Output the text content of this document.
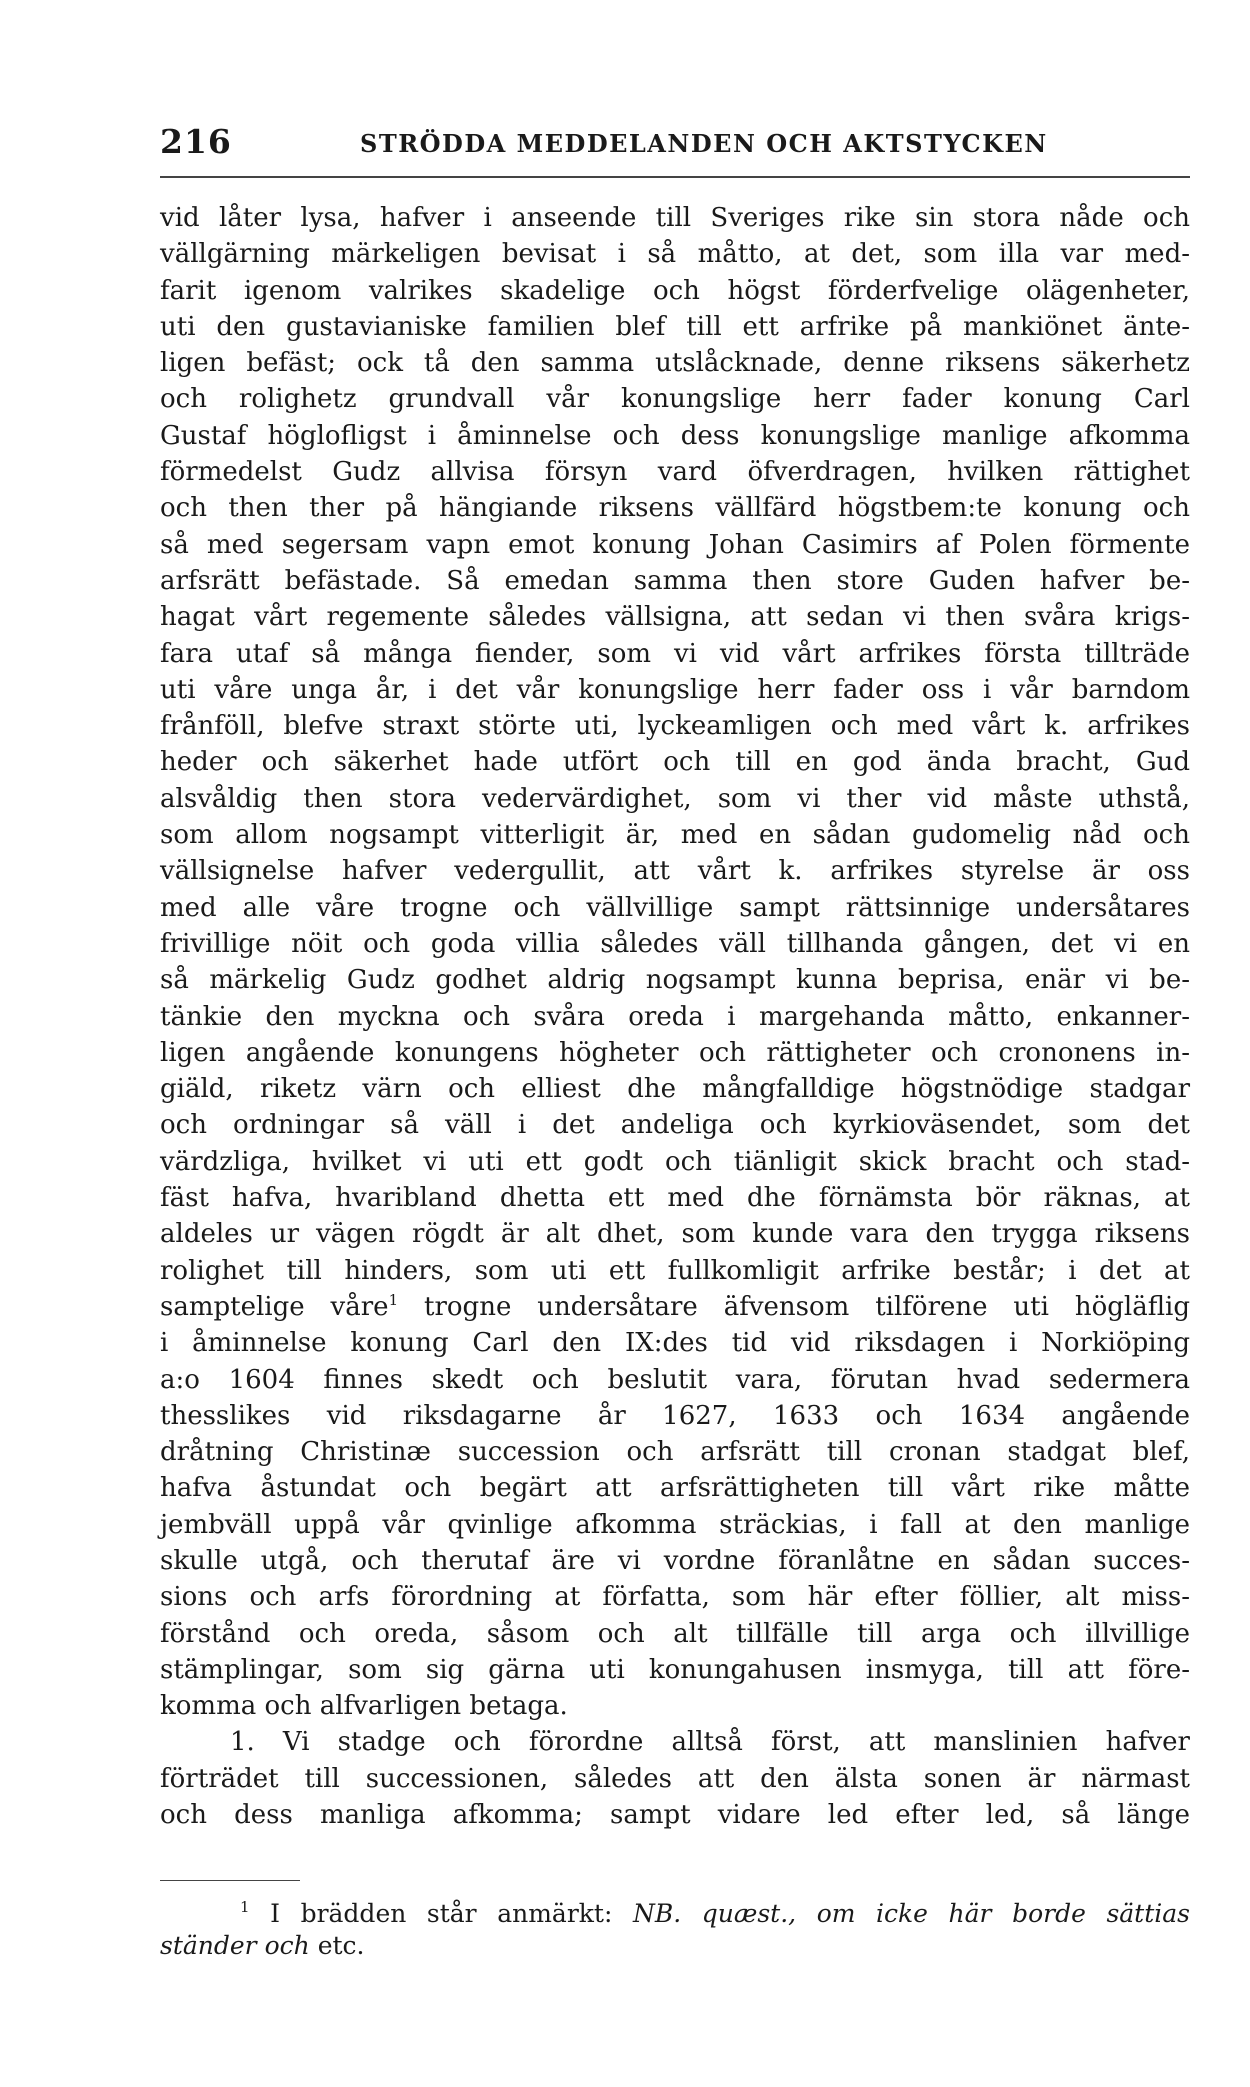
216	STRÖDDA MEDDELANDEN OCH AKTSTYCKEN
vid låter lysa, hafver i anseende till Sveriges rike sin stora nåde och
vällgärning märkeligen bevisat i så måtto, at det, som illa var med-
farit igenom valrikes skadelige och högst förderfvelige olägenheter,
uti den gustavianiske familien blef till ett arfrike på mankiönet änte-
ligen befäst; ock tå den samma utslåcknade, denne riksens säkerhetz
och rolighetz grundvall vår konungslige herr fader konung Carl
Gustaf höglofligst i åminnelse och dess konungslige manlige afkomma
förmedelst Gudz allvisa försyn vard öfverdragen, hvilken rättighet
och then ther på hängiande riksens vällfärd högstbem:te konung och
så med segersam vapn emot konung Johan Casimirs af Polen förmente
arfsrätt befästade. Så emedan samma then store Guden hafver be-
hagat vårt regemente således vällsigna, att sedan vi then svåra krigs-
fara utaf så många fiender, som vi vid vårt arfrikes första tillträde
uti våre unga år, i det vår konungslige herr fader oss i vår barndom
frånföll, blefve straxt störte uti, lyckeamligen och med vårt k. arfrikes
heder och säkerhet hade utfört och till en god ända bracht, Gud
alsvåldig then stora vedervärdighet, som vi ther vid måste uthstå,
som allom nogsampt vitterligit är, med en sådan gudomelig nåd och
vällsignelse hafver vedergullit, att vårt k. arfrikes styrelse är oss
med alle våre trogne och vällvillige sampt rättsinnige undersåtares
frivillige nöit och goda villia således väll tillhanda gången, det vi en
så märkelig Gudz godhet aldrig nogsampt kunna beprisa, enär vi be-
tänkie den myckna och svåra oreda i margehanda måtto, enkanner-
ligen angående konungens högheter och rättigheter och crononens in-
giäld, riketz värn och elliest dhe mångfalldige högstnödige stadgar
och ordningar så väll i det andeliga och kyrkioväsendet, som det
värdzliga, hvilket vi uti ett godt och tiänligit skick bracht och stad-
fäst hafva, hvaribland dhetta ett med dhe förnämsta bör räknas, at
aldeles ur vägen rögdt är alt dhet, som kunde vara den trygga riksens
rolighet till hinders, som uti ett fullkomligit arfrike består; i det at
samptelige våre$^1$ trogne undersåtare äfvensom tilförene uti högläflig
i åminnelse konung Carl den IX:des tid vid riksdagen i Norkiöping
a:o 1604 finnes skedt och beslutit vara, förutan hvad sedermera
thesslikes vid riksdagarne år 1627, 1633 och 1634 angående
dråtning Christinæ succession och arfsrätt till cronan stadgat blef,
hafva åstundat och begärt att arfsrättigheten till vårt rike måtte
jembväll uppå vår qvinlige afkomma sträckias, i fall at den manlige
skulle utgå, och therutaf äre vi vordne föranlåtne en sådan succes-
sions och arfs förordning at författa, som här efter föllier, alt miss-
förstånd och oreda, såsom och alt tillfälle till arga och illvillige
stämplingar, som sig gärna uti konungahusen insmyga, till att före-
komma och alfvarligen betaga.
1. Vi stadge och förordne alltså först, att manslinien hafver
förträdet till successionen, således att den älsta sonen är närmast
och dess manliga afkomma; sampt vidare led efter led, så länge
$^1$ I brädden står anmärkt: NB. quæst., om icke här borde sättias
ständer och etc.
